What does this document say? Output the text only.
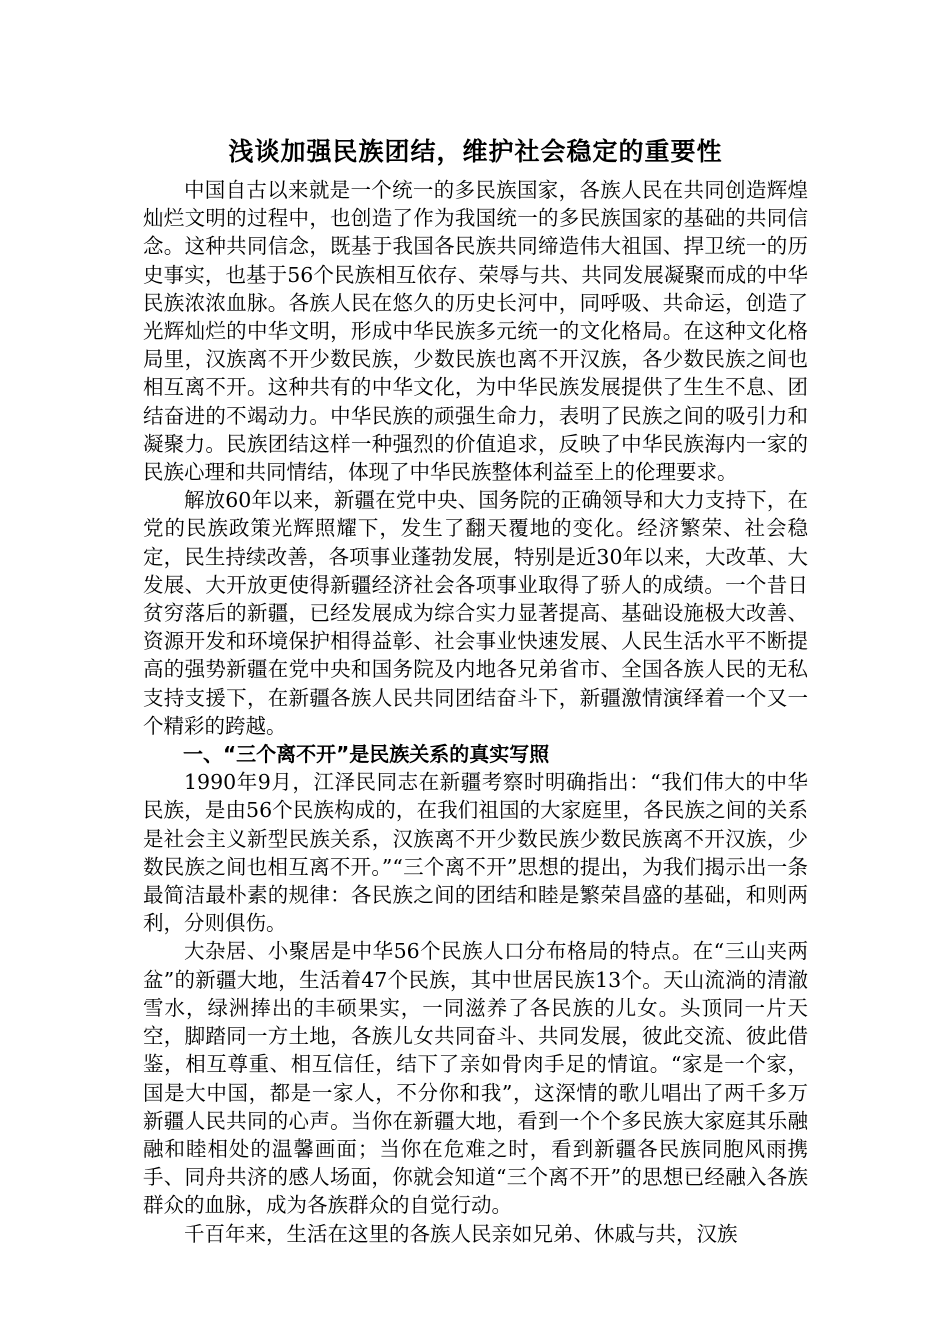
浅谈加强民族团结，维护社会稳定的重要性

中国自古以来就是一个统一的多民族国家，各族人民在共同创造辉煌灿烂文明的过程中，也创造了作为我国统一的多民族国家的基础的共同信念。这种共同信念，既基于我国各民族共同缔造伟大祖国、捍卫统一的历史事实，也基于56个民族相互依存、荣辱与共、共同发展凝聚而成的中华民族浓浓血脉。各族人民在悠久的历史长河中，同呼吸、共命运，创造了光辉灿烂的中华文明，形成中华民族多元统一的文化格局。在这种文化格局里，汉族离不开少数民族，少数民族也离不开汉族，各少数民族之间也相互离不开。这种共有的中华文化，为中华民族发展提供了生生不息、团结奋进的不竭动力。中华民族的顽强生命力，表明了民族之间的吸引力和凝聚力。民族团结这样一种强烈的价值追求，反映了中华民族海内一家的民族心理和共同情结，体现了中华民族整体利益至上的伦理要求。

解放60年以来，新疆在党中央、国务院的正确领导和大力支持下，在党的民族政策光辉照耀下，发生了翻天覆地的变化。经济繁荣、社会稳定，民生持续改善，各项事业蓬勃发展，特别是近30年以来，大改革、大发展、大开放更使得新疆经济社会各项事业取得了骄人的成绩。一个昔日贫穷落后的新疆，已经发展成为综合实力显著提高、基础设施极大改善、资源开发和环境保护相得益彰、社会事业快速发展、人民生活水平不断提高的强势新疆在党中央和国务院及内地各兄弟省市、全国各族人民的无私支持支援下，在新疆各族人民共同团结奋斗下，新疆激情演绎着一个又一个精彩的跨越。

一、“三个离不开”是民族关系的真实写照

1990年9月，江泽民同志在新疆考察时明确指出：“我们伟大的中华民族，是由56个民族构成的，在我们祖国的大家庭里，各民族之间的关系是社会主义新型民族关系，汉族离不开少数民族少数民族离不开汉族，少数民族之间也相互离不开。”“三个离不开”思想的提出，为我们揭示出一条最简洁最朴素的规律：各民族之间的团结和睦是繁荣昌盛的基础，和则两利，分则俱伤。

大杂居、小聚居是中华56个民族人口分布格局的特点。在“三山夹两盆”的新疆大地，生活着47个民族，其中世居民族13个。天山流淌的清澈雪水，绿洲捧出的丰硕果实，一同滋养了各民族的儿女。头顶同一片天空，脚踏同一方土地，各族儿女共同奋斗、共同发展，彼此交流、彼此借鉴，相互尊重、相互信任，结下了亲如骨肉手足的情谊。“家是一个家，国是大中国，都是一家人，不分你和我”，这深情的歌儿唱出了两千多万新疆人民共同的心声。当你在新疆大地，看到一个个多民族大家庭其乐融融和睦相处的温馨画面；当你在危难之时，看到新疆各民族同胞风雨携手、同舟共济的感人场面，你就会知道“三个离不开”的思想已经融入各族群众的血脉，成为各族群众的自觉行动。

千百年来，生活在这里的各族人民亲如兄弟、休戚与共，汉族
